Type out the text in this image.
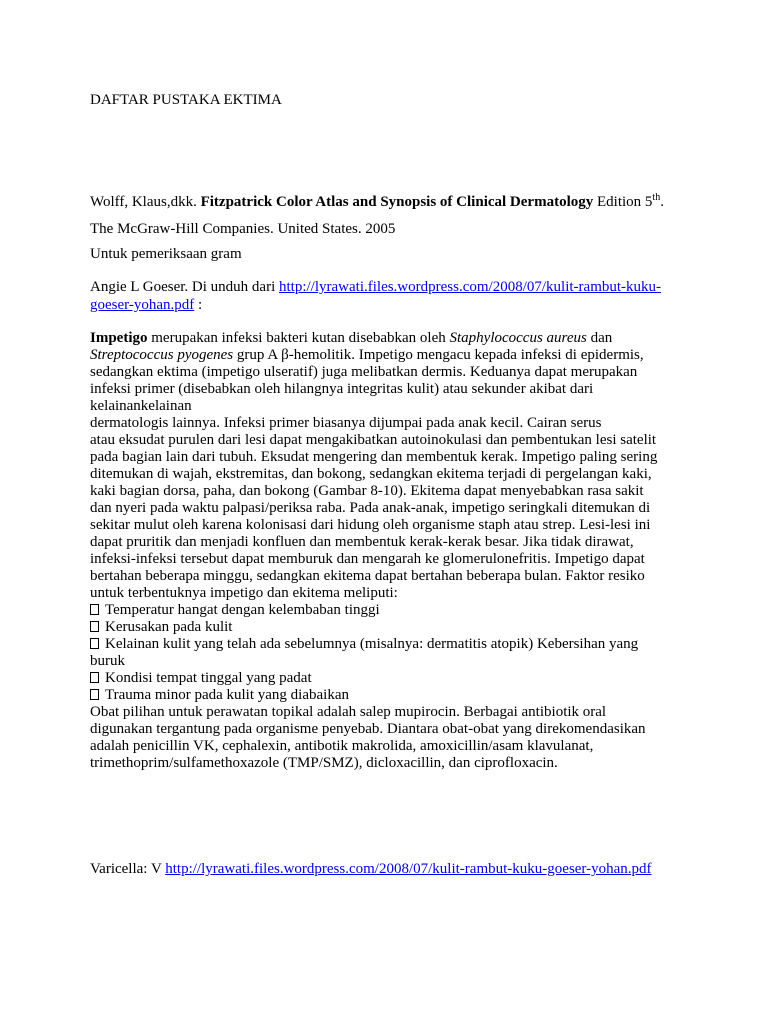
DAFTAR PUSTAKA EKTIMA
Wolff, Klaus,dkk. Fitzpatrick Color Atlas and Synopsis of Clinical Dermatology Edition 5th.
The McGraw-Hill Companies. United States. 2005
Untuk pemeriksaan gram
Angie L Goeser. Di unduh dari http://lyrawati.files.wordpress.com/2008/07/kulit-rambut-kuku-
goeser-yohan.pdf :
Impetigo merupakan infeksi bakteri kutan disebabkan oleh Staphylococcus aureus dan
Streptococcus pyogenes grup A β-hemolitik. Impetigo mengacu kepada infeksi di epidermis,
sedangkan ektima (impetigo ulseratif) juga melibatkan dermis. Keduanya dapat merupakan
infeksi primer (disebabkan oleh hilangnya integritas kulit) atau sekunder akibat dari
kelainankelainan
dermatologis lainnya. Infeksi primer biasanya dijumpai pada anak kecil. Cairan serus
atau eksudat purulen dari lesi dapat mengakibatkan autoinokulasi dan pembentukan lesi satelit
pada bagian lain dari tubuh. Eksudat mengering dan membentuk kerak. Impetigo paling sering
ditemukan di wajah, ekstremitas, dan bokong, sedangkan ekitema terjadi di pergelangan kaki,
kaki bagian dorsa, paha, dan bokong (Gambar 8-10). Ekitema dapat menyebabkan rasa sakit
dan nyeri pada waktu palpasi/periksa raba. Pada anak-anak, impetigo seringkali ditemukan di
sekitar mulut oleh karena kolonisasi dari hidung oleh organisme staph atau strep. Lesi-lesi ini
dapat pruritik dan menjadi konfluen dan membentuk kerak-kerak besar. Jika tidak dirawat,
infeksi-infeksi tersebut dapat memburuk dan mengarah ke glomerulonefritis. Impetigo dapat
bertahan beberapa minggu, sedangkan ekitema dapat bertahan beberapa bulan. Faktor resiko
untuk terbentuknya impetigo dan ekitema meliputi:
Temperatur hangat dengan kelembaban tinggi
Kerusakan pada kulit
Kelainan kulit yang telah ada sebelumnya (misalnya: dermatitis atopik) Kebersihan yang
buruk
Kondisi tempat tinggal yang padat
Trauma minor pada kulit yang diabaikan
Obat pilihan untuk perawatan topikal adalah salep mupirocin. Berbagai antibiotik oral
digunakan tergantung pada organisme penyebab. Diantara obat-obat yang direkomendasikan
adalah penicillin VK, cephalexin, antibotik makrolida, amoxicillin/asam klavulanat,
trimethoprim/sulfamethoxazole (TMP/SMZ), dicloxacillin, dan ciprofloxacin.
Varicella: V http://lyrawati.files.wordpress.com/2008/07/kulit-rambut-kuku-goeser-yohan.pdf
